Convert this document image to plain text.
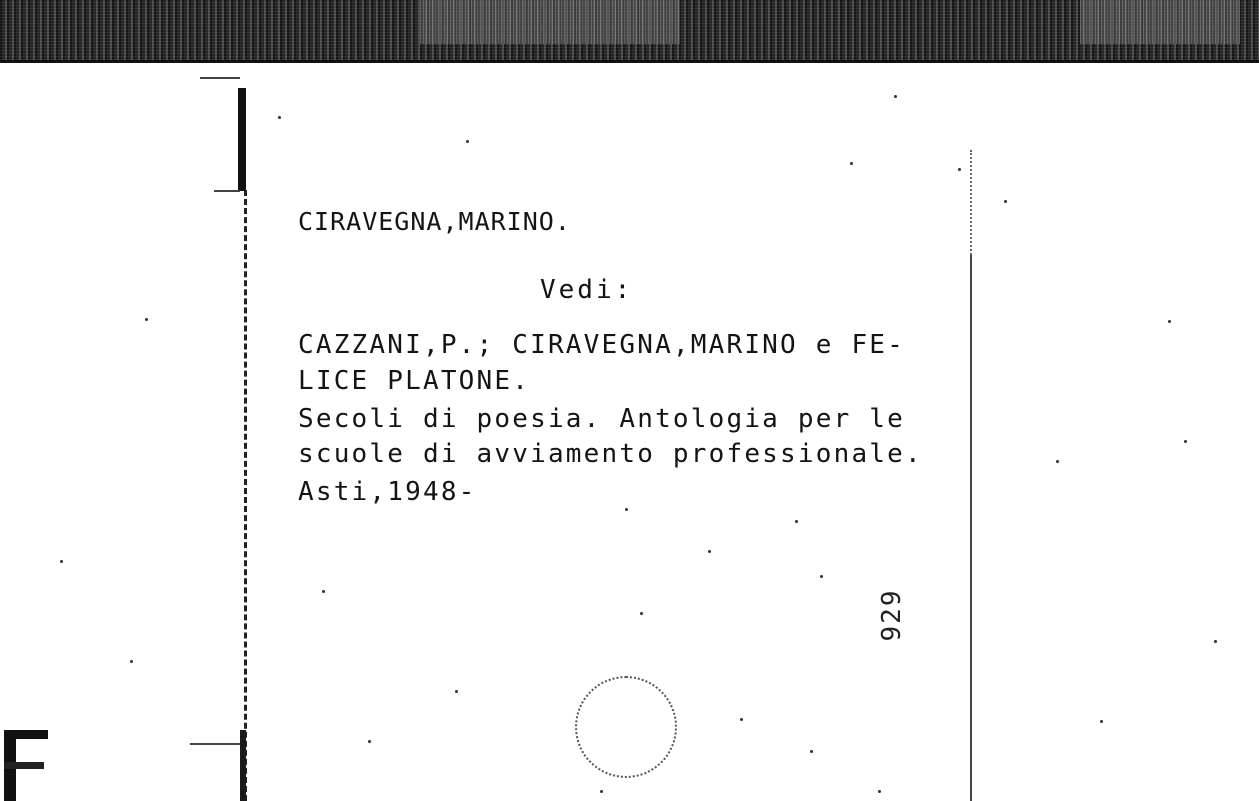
CIRAVEGNA,MARINO.
Vedi:
CAZZANI,P.; CIRAVEGNA,MARINO e FE-
LICE PLATONE.
Secoli di poesia. Antologia per le
scuole di avviamento professionale.
Asti,1948-
929
